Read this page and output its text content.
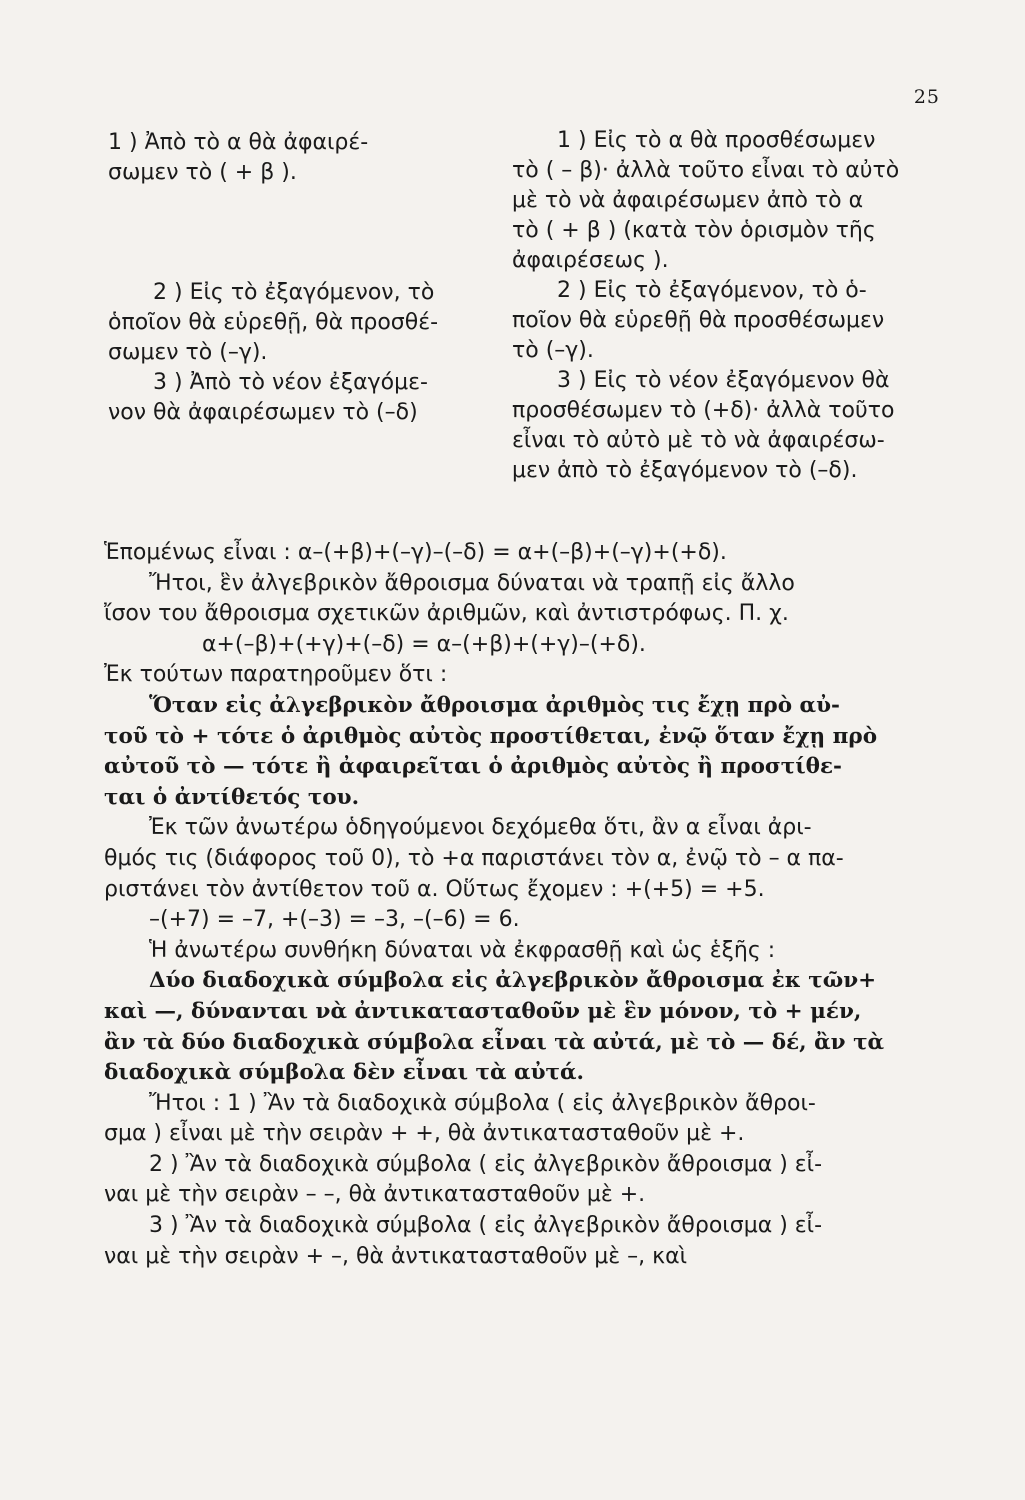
25

1 ) Ἀπὸ τὸ α θὰ ἀφαιρέ-

σωμεν τὸ ( + β ).

2 ) Εἰς τὸ ἐξαγόμενον, τὸ

ὁποῖον θὰ εὑρεθῇ, θὰ προσθέ-

σωμεν τὸ (–γ).

3 ) Ἀπὸ τὸ νέον ἐξαγόμε-

νον θὰ ἀφαιρέσωμεν τὸ (–δ)

1 ) Εἰς τὸ α θὰ προσθέσωμεν

τὸ ( – β)· ἀλλὰ τοῦτο εἶναι τὸ αὐτὸ

μὲ τὸ νὰ ἀφαιρέσωμεν ἀπὸ τὸ α

τὸ ( + β ) (κατὰ τὸν ὁρισμὸν τῆς

ἀφαιρέσεως ).

2 ) Εἰς τὸ ἐξαγόμενον, τὸ ὁ-

ποῖον θὰ εὑρεθῇ θὰ προσθέσωμεν

τὸ (–γ).

3 ) Εἰς τὸ νέον ἐξαγόμενον θὰ

προσθέσωμεν τὸ (+δ)· ἀλλὰ τοῦτο

εἶναι τὸ αὐτὸ μὲ τὸ νὰ ἀφαιρέσω-

μεν ἀπὸ τὸ ἐξαγόμενον τὸ (–δ).

Ἑπομένως εἶναι : α–(+β)+(–γ)–(–δ) = α+(–β)+(–γ)+(+δ).

Ἤτοι, ἓν ἀλγεβρικὸν ἄθροισμα δύναται νὰ τραπῇ εἰς ἄλλο

ἴσον του ἄθροισμα σχετικῶν ἀριθμῶν, καὶ ἀντιστρόφως. Π. χ.

α+(–β)+(+γ)+(–δ) = α–(+β)+(+γ)–(+δ).

Ἐκ τούτων παρατηροῦμεν ὅτι :

Ὅταν εἰς ἀλγεβρικὸν ἄθροισμα ἀριθμὸς τις ἔχῃ πρὸ αὐ-

τοῦ τὸ + τότε ὁ ἀριθμὸς αὐτὸς προστίθεται, ἐνῷ ὅταν ἔχῃ πρὸ

αὐτοῦ τὸ — τότε ἢ ἀφαιρεῖται ὁ ἀριθμὸς αὐτὸς ἢ προστίθε-

ται ὁ ἀντίθετός του.

Ἐκ τῶν ἀνωτέρω ὁδηγούμενοι δεχόμεθα ὅτι, ἂν α εἶναι ἀρι-

θμός τις (διάφορος τοῦ 0), τὸ +α παριστάνει τὸν α, ἐνῷ τὸ – α πα-

ριστάνει τὸν ἀντίθετον τοῦ α. Οὕτως ἔχομεν : +(+5) = +5.

–(+7) = –7, +(–3) = –3, –(–6) = 6.

Ἡ ἀνωτέρω συνθήκη δύναται νὰ ἐκφρασθῇ καὶ ὡς ἑξῆς :

Δύο διαδοχικὰ σύμβολα εἰς ἀλγεβρικὸν ἄθροισμα ἐκ τῶν+

καὶ —, δύνανται νὰ ἀντικατασταθοῦν μὲ ἓν μόνον, τὸ + μέν,

ἂν τὰ δύο διαδοχικὰ σύμβολα εἶναι τὰ αὐτά, μὲ τὸ — δέ, ἂν τὰ

διαδοχικὰ σύμβολα δὲν εἶναι τὰ αὐτά.

Ἤτοι : 1 ) Ἂν τὰ διαδοχικὰ σύμβολα ( εἰς ἀλγεβρικὸν ἄθροι-

σμα ) εἶναι μὲ τὴν σειρὰν + +, θὰ ἀντικατασταθοῦν μὲ +.

2 ) Ἂν τὰ διαδοχικὰ σύμβολα ( εἰς ἀλγεβρικὸν ἄθροισμα ) εἶ-

ναι μὲ τὴν σειρὰν – –, θὰ ἀντικατασταθοῦν μὲ +.

3 ) Ἂν τὰ διαδοχικὰ σύμβολα ( εἰς ἀλγεβρικὸν ἄθροισμα ) εἶ-

ναι μὲ τὴν σειρὰν + –, θὰ ἀντικατασταθοῦν μὲ –, καὶ
